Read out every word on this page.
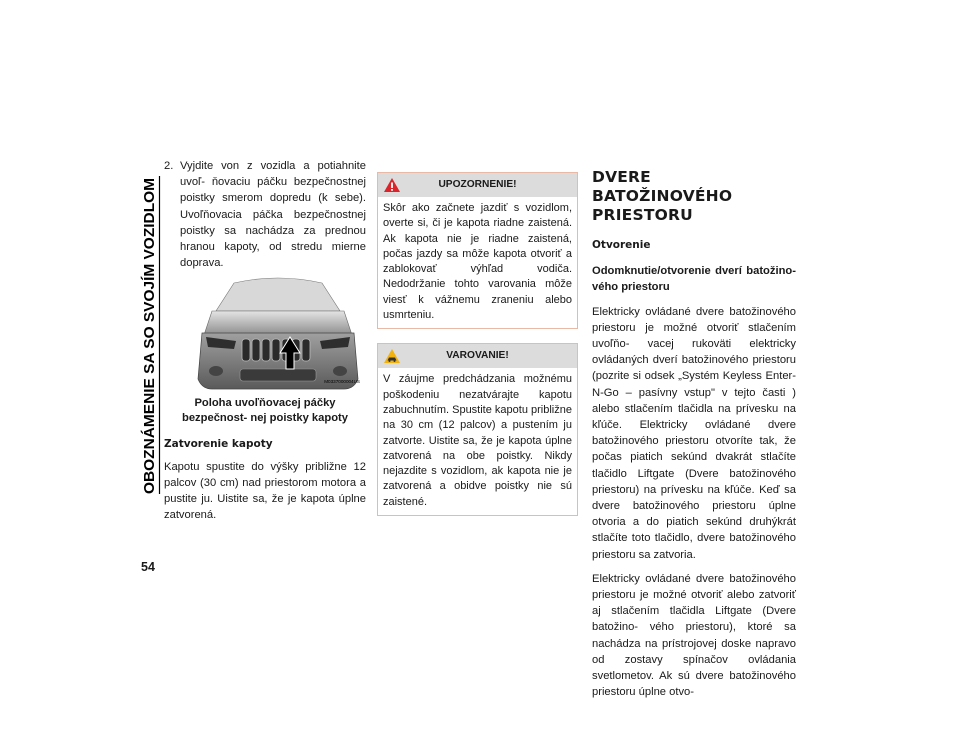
OBOZNÁMENIE SA SO SVOJÍM VOZIDLOM
54
2. Vyjdite von z vozidla a potiahnite uvoľ- ňovaciu páčku bezpečnostnej poistky smerom dopredu (k sebe). Uvoľňovacia páčka bezpečnostnej poistky sa nachádza za prednou hranou kapoty, od stredu mierne doprava.
M0337000004US
Poloha uvoľňovacej páčky bezpečnost- nej poistky kapoty
Zatvorenie kapoty

Kapotu spustite do výšky približne 12 palcov (30 cm) nad priestorom motora a pustite ju. Uistite sa, že je kapota úplne zatvorená.

UPOZORNENIE!
Skôr ako začnete jazdiť s vozidlom, overte si, či je kapota riadne zaistená. Ak kapota nie je riadne zaistená, počas jazdy sa môže kapota otvoriť a zablokovať výhľad vodiča. Nedodržanie tohto varovania môže viesť k vážnemu zraneniu alebo usmrteniu.
VAROVANIE!
V záujme predchádzania možnému poškodeniu nezatvárajte kapotu zabuchnutím. Spustite kapotu približne na 30 cm (12 palcov) a pustením ju zatvorte. Uistite sa, že je kapota úplne zatvorená na obe poistky. Nikdy nejazdite s vozidlom, ak kapota nie je zatvorená a obidve poistky nie sú zaistené.
DVERE BATOŽINOVÉHO PRIESTORU
Otvorenie
Odomknutie/otvorenie dverí batožino- vého priestoru

Elektricky ovládané dvere batožinového priestoru je možné otvoriť stlačením uvoľňo- vacej rukoväti elektricky ovládaných dverí batožinového priestoru (pozrite si odsek „Systém Keyless Enter-N-Go – pasívny vstup" v tejto časti ) alebo stlačením tlačidla na prívesku na kľúče. Elektricky ovládané dvere batožinového priestoru otvoríte tak, že počas piatich sekúnd dvakrát stlačíte tlačidlo Liftgate (Dvere batožinového priestoru) na prívesku na kľúče. Keď sa dvere batožinového priestoru úplne otvoria a do piatich sekúnd druhýkrát stlačíte toto tlačidlo, dvere batožinového priestoru sa zatvoria.

Elektricky ovládané dvere batožinového priestoru je možné otvoriť alebo zatvoriť aj stlačením tlačidla Liftgate (Dvere batožino- vého priestoru), ktoré sa nachádza na prístrojovej doske napravo od zostavy spínačov ovládania svetlometov. Ak sú dvere batožinového priestoru úplne otvo-
